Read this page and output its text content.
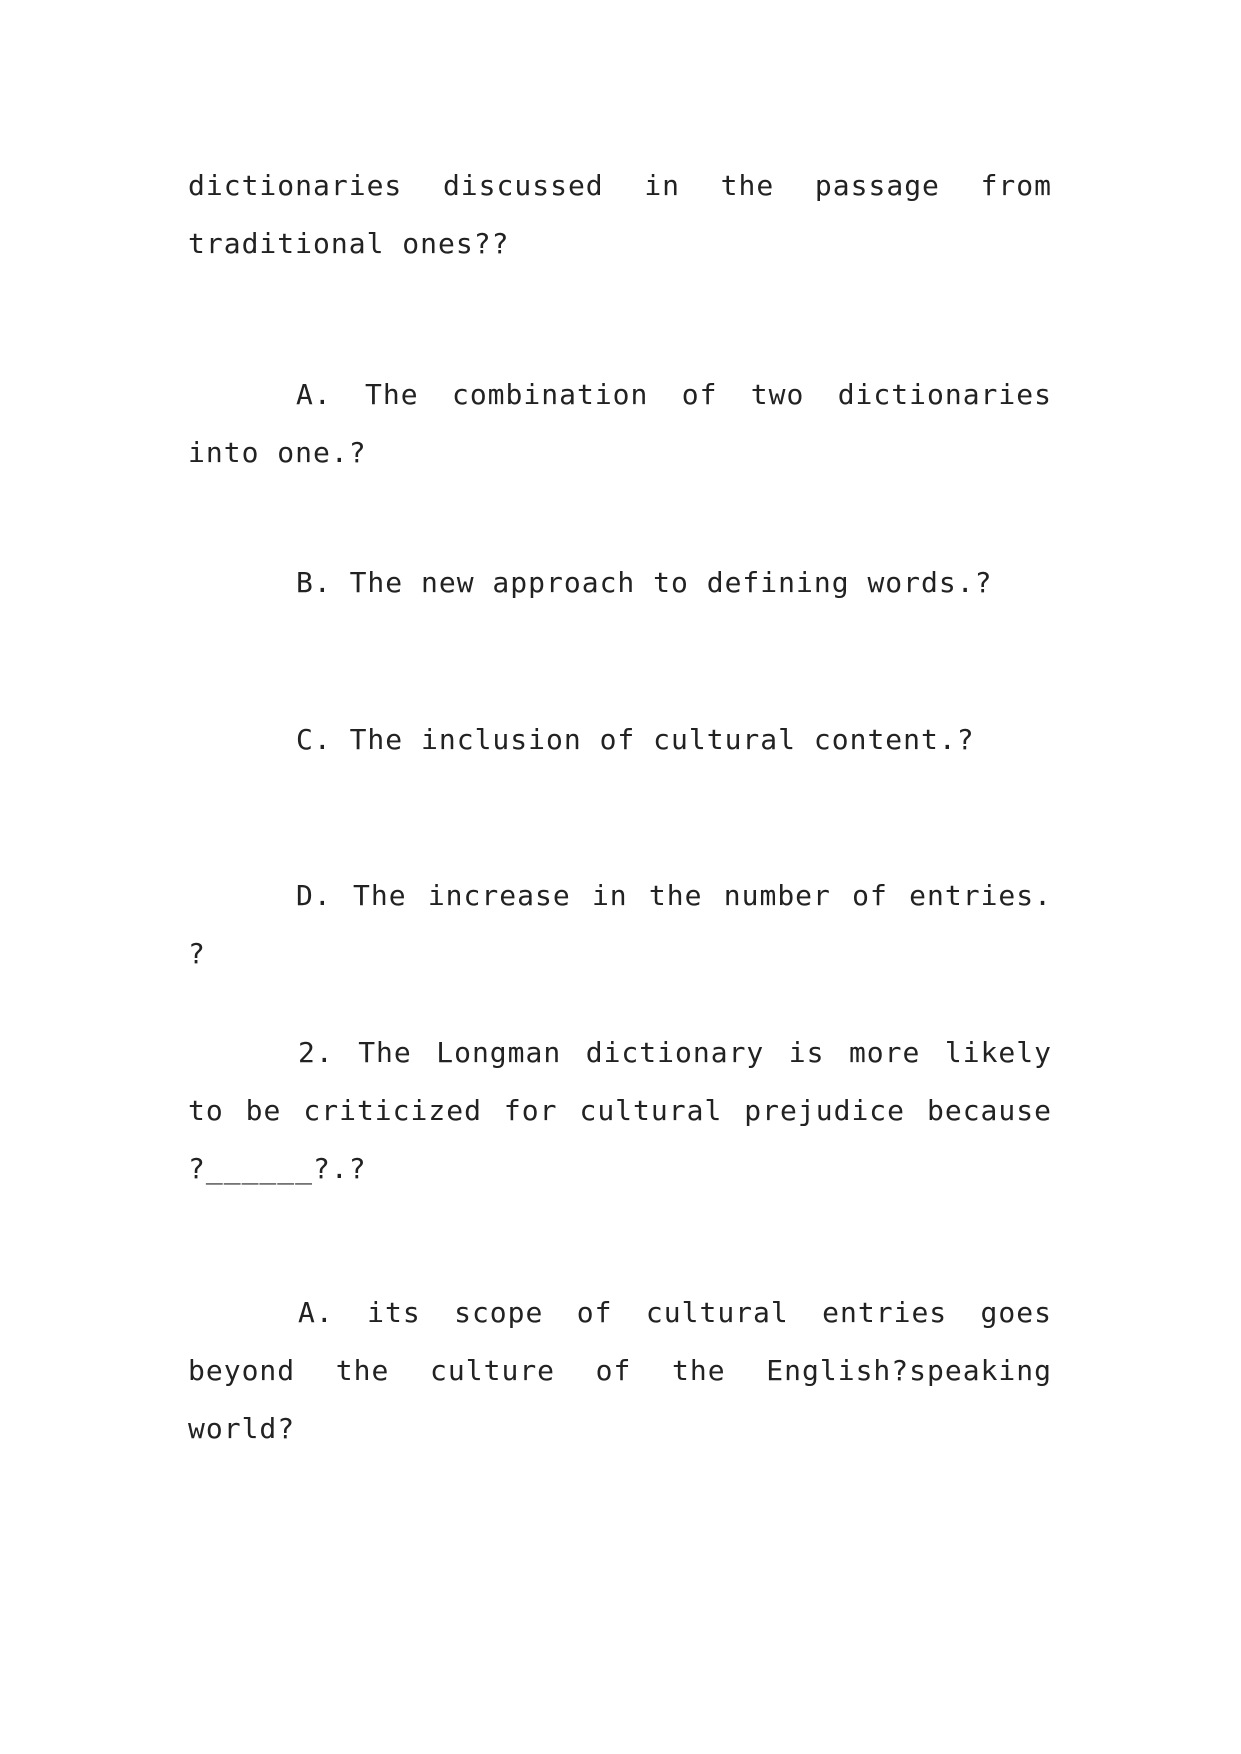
dictionaries discussed in the passage from traditional ones??

A. The combination of two dictionaries into one.?

B. The new approach to defining words.?

C. The inclusion of cultural content.?

D. The increase in the number of entries. ?

2. The Longman dictionary is more likely to be criticized for cultural prejudice because ?______?.?

A. its scope of cultural entries goes beyond the culture of the English?speaking world?
